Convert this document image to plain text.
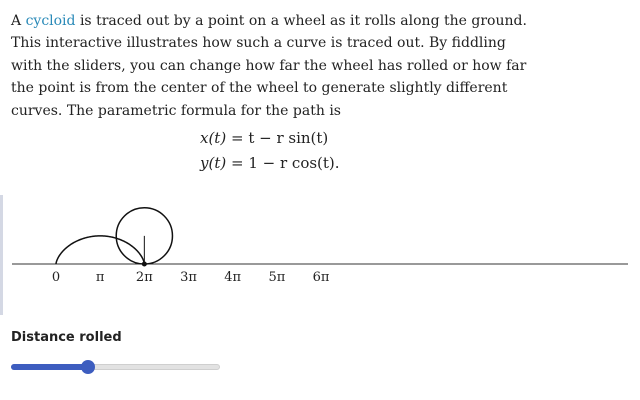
A cycloid is traced out by a point on a wheel as it rolls along the ground. This interactive illustrates how such a curve is traced out. By fiddling with the sliders, you can change how far the wheel has rolled or how far the point is from the center of the wheel to generate slightly different curves. The parametric formula for the path is

x(t) = t − r sin(t)
y(t) = 1 − r cos(t).
0	π 2π 3π 4π 5π 6π
Distance rolled
